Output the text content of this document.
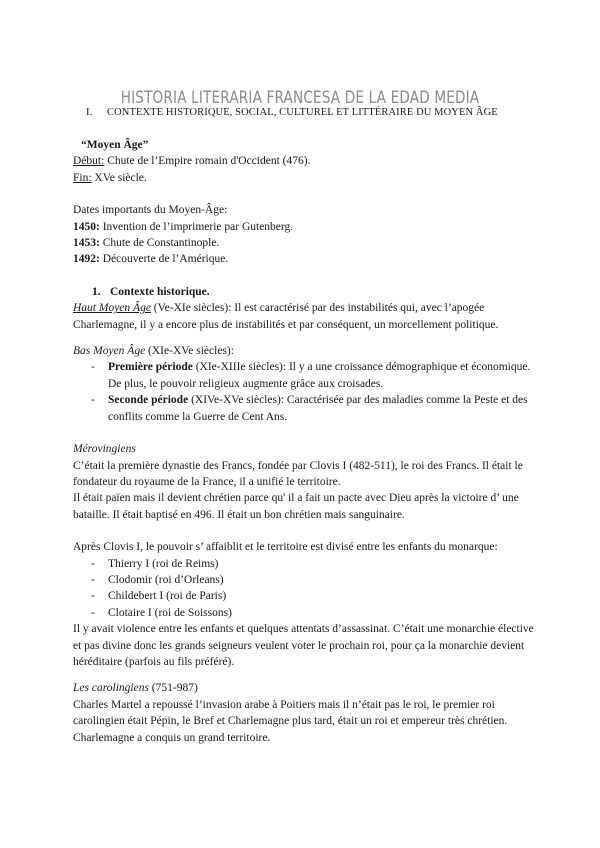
HISTORIA LITERARIA FRANCESA DE LA EDAD MEDIA
I. CONTEXTE HISTORIQUE, SOCIAL, CULTUREL ET LITTÉRAIRE DU MOYEN ÂGE

“Moyen Âge”

Début: Chute de l’Empire romain d'Occident (476).

Fin: XVe siècle.

Dates importants du Moyen-Âge:

1450: Invention de l’imprimerie par Gutenberg.

1453: Chute de Constantinople.

1492: Découverte de l’Amérique.

1. Contexte historique.

Haut Moyen Âge (Ve-XIe siècles): Il est caractérisé par des instabilités qui, avec l’apogée Charlemagne, il y a encore plus de instabilités et par conséquent, un morcellement politique.

Bas Moyen Âge (XIe-XVe siècles):

- Première période (XIe-XIIIe siècles): Il y a une croissance démographique et économique. De plus, le pouvoir religieux augmente grâce aux croisades.
- Seconde période (XIVe-XVe siècles): Caractérisée par des maladies comme la Peste et des conflits comme la Guerre de Cent Ans.

Mérovingiens

C’était la première dynastie des Francs, fondée par Clovis I (482-511), le roi des Francs. Il était le fondateur du royaume de la France, il a unifié le territoire.

Il était païen mais il devient chrétien parce qu' il a fait un pacte avec Dieu après la victoire d’ une bataille. Il était baptisé en 496. Il était un bon chrétien mais sanguinaire.

Après Clovis I, le pouvoir s’ affaiblit et le territoire est divisé entre les enfants du monarque:

- Thierry I (roi de Reims)
- Clodomir (roi d’Orleans)
- Childebert I (roi de Paris)
- Clotaire I (roi de Soissons)

Il y avait violence entre les enfants et quelques attentats d’assassinat. C’était une monarchie élective et pas divine donc les grands seigneurs veulent voter le prochain roi, pour ça la monarchie devient héréditaire (parfois au fils préféré).

Les carolingiens (751-987)

Charles Martel a repoussé l’invasion arabe à Poitiers mais il n’était pas le roi, le premier roi carolingien était Pépin, le Bref et Charlemagne plus tard, était un roi et empereur très chrétien. Charlemagne a conquis un grand territoire.
